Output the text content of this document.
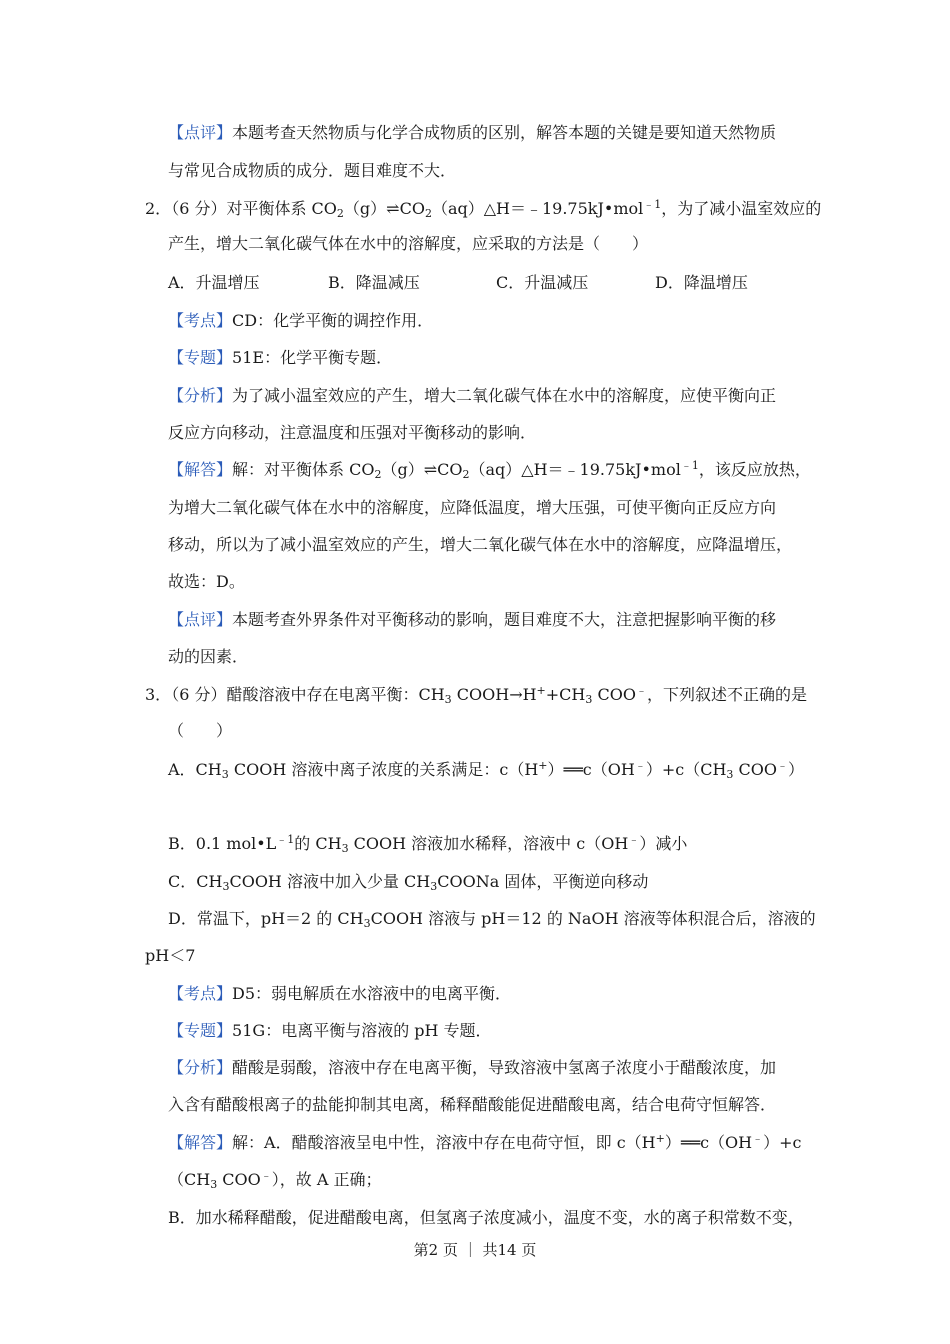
【点评】本题考查天然物质与化学合成物质的区别，解答本题的关键是要知道天然物质
与常见合成物质的成分．题目难度不大．
2．（6 分）对平衡体系 $CO_2(g)\rightleftharpoons CO_2(aq)\triangle H=﹣19.75kJ•mol^{﹣1}$，为了减小温室效应的
产生，增大二氧化碳气体在水中的溶解度，应采取的方法是（　　）
A．升温增压	B．降温减压	C．升温减压	D．降温增压
【考点】CD：化学平衡的调控作用．
【专题】51E：化学平衡专题．
【分析】为了减小温室效应的产生，增大二氧化碳气体在水中的溶解度，应使平衡向正
反应方向移动，注意温度和压强对平衡移动的影响．
【解答】解：对平衡体系 $CO_2(g)\rightleftharpoons CO_2(aq)\triangle H=﹣19.75kJ•mol^{﹣1}$，该反应放热，
为增大二氧化碳气体在水中的溶解度，应降低温度，增大压强，可使平衡向正反应方向
移动，所以为了减小温室效应的产生，增大二氧化碳气体在水中的溶解度，应降温增压，
故选：D。
【点评】本题考查外界条件对平衡移动的影响，题目难度不大，注意把握影响平衡的移
动的因素．
3．（6 分）醋酸溶液中存在电离平衡：$CH_3$ $COOH\to H^++CH_3$ COO﹣，下列叙述不正确的是
（　　）
A．$CH_3$ COOH 溶液中离子浓度的关系满足：$c(H^+)══c(OH^﹣)+c(CH_3$ COO﹣）
B．0.1 $mol•L^{﹣1}$的 $CH_3$ COOH 溶液加水稀释，溶液中 c（OH﹣）减小
C．$CH_3COOH$ 溶液中加入少量 $CH_3COONa$ 固体，平衡逆向移动
D．常温下，pH＝2 的 $CH_3COOH$ 溶液与 pH＝12 的 NaOH 溶液等体积混合后，溶液的
pH＜7
【考点】D5：弱电解质在水溶液中的电离平衡．
【专题】51G：电离平衡与溶液的 pH 专题．
【分析】醋酸是弱酸，溶液中存在电离平衡，导致溶液中氢离子浓度小于醋酸浓度，加
入含有醋酸根离子的盐能抑制其电离，稀释醋酸能促进醋酸电离，结合电荷守恒解答．
【解答】解：A．醋酸溶液呈电中性，溶液中存在电荷守恒，即 c（H+）══c（OH﹣）+c
（$CH_3$ COO﹣），故 A 正确；
B．加水稀释醋酸，促进醋酸电离，但氢离子浓度减小，温度不变，水的离子积常数不变，
第2 页 ｜ 共14 页
